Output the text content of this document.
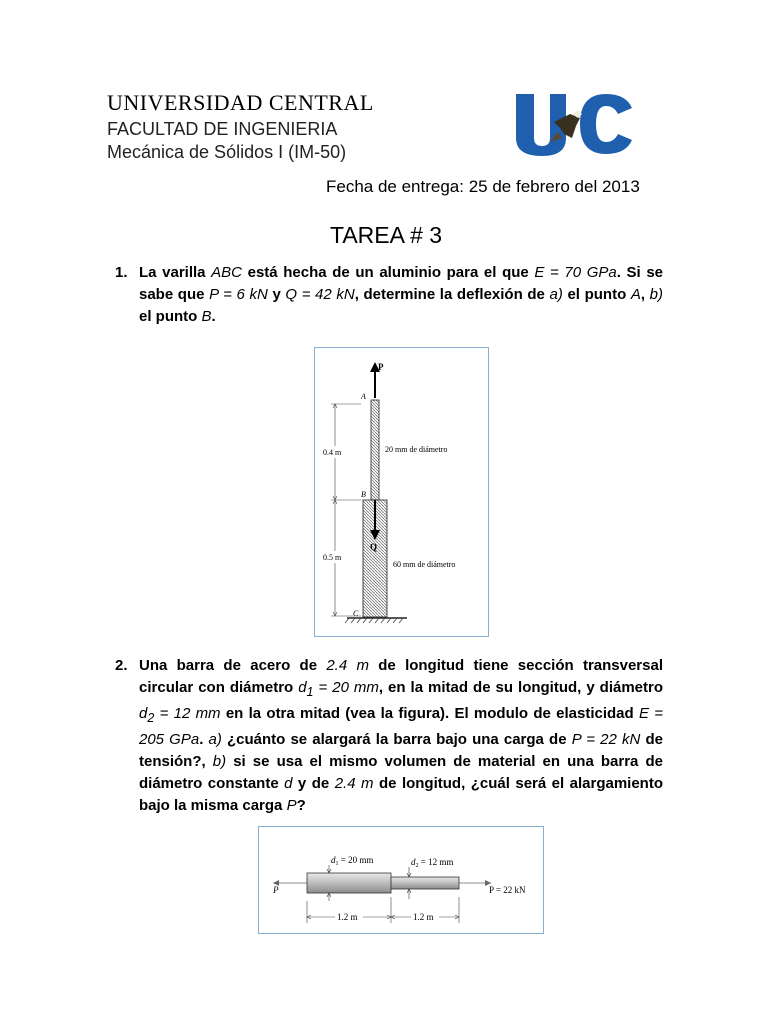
UNIVERSIDAD CENTRAL
FACULTAD DE INGENIERIA
Mecánica de Sólidos I (IM-50)
Fecha de entrega: 25 de febrero del 2013
TAREA # 3
1. La varilla ABC está hecha de un aluminio para el que E = 70 GPa. Si se sabe que P = 6 kN y Q = 42 kN, determine la deflexión de a) el punto A, b) el punto B.
P
Q
A
B
C
0.4 m
0.5 m
20 mm de diámetro
60 mm de diámetro
2. Una barra de acero de 2.4 m de longitud tiene sección transversal circular con diámetro $d_1 = 20$ mm, en la mitad de su longitud, y diámetro $d_2 = 12$ mm en la otra mitad (vea la figura). El modulo de elasticidad E = 205 GPa. a) ¿cuánto se alargará la barra bajo una carga de P = 22 kN de tensión?, b) si se usa el mismo volumen de material en una barra de diámetro constante d y de 2.4 m de longitud, ¿cuál será el alargamiento bajo la misma carga P?
P	P = 22 kN
$d_1 = 20$ mm	$d_2 = 12$ mm
1.2 m	1.2 m
